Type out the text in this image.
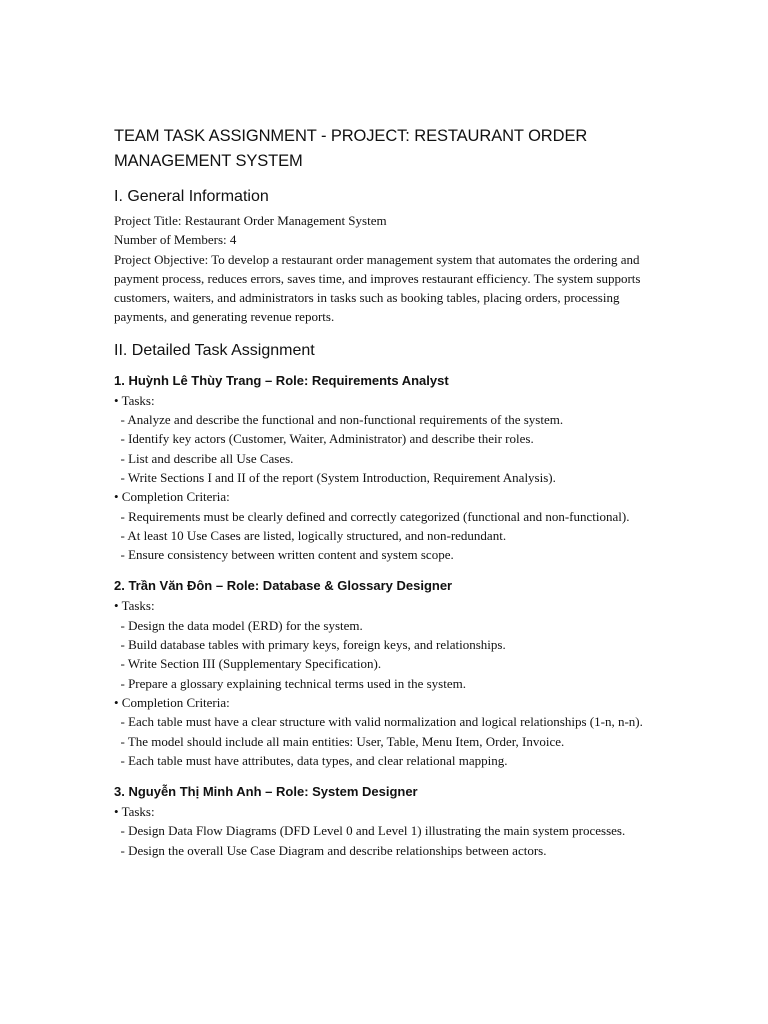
TEAM TASK ASSIGNMENT - PROJECT: RESTAURANT ORDER MANAGEMENT SYSTEM
I. General Information
Project Title: Restaurant Order Management System
Number of Members: 4
Project Objective: To develop a restaurant order management system that automates the ordering and payment process, reduces errors, saves time, and improves restaurant efficiency. The system supports customers, waiters, and administrators in tasks such as booking tables, placing orders, processing payments, and generating revenue reports.
II. Detailed Task Assignment
1. Huỳnh Lê Thùy Trang – Role: Requirements Analyst
• Tasks:
- Analyze and describe the functional and non-functional requirements of the system.
- Identify key actors (Customer, Waiter, Administrator) and describe their roles.
- List and describe all Use Cases.
- Write Sections I and II of the report (System Introduction, Requirement Analysis).
• Completion Criteria:
- Requirements must be clearly defined and correctly categorized (functional and non-functional).
- At least 10 Use Cases are listed, logically structured, and non-redundant.
- Ensure consistency between written content and system scope.
2. Trần Văn Đôn – Role: Database & Glossary Designer
• Tasks:
- Design the data model (ERD) for the system.
- Build database tables with primary keys, foreign keys, and relationships.
- Write Section III (Supplementary Specification).
- Prepare a glossary explaining technical terms used in the system.
• Completion Criteria:
- Each table must have a clear structure with valid normalization and logical relationships (1-n, n-n).
- The model should include all main entities: User, Table, Menu Item, Order, Invoice.
- Each table must have attributes, data types, and clear relational mapping.
3. Nguyễn Thị Minh Anh – Role: System Designer
• Tasks:
- Design Data Flow Diagrams (DFD Level 0 and Level 1) illustrating the main system processes.
- Design the overall Use Case Diagram and describe relationships between actors.
